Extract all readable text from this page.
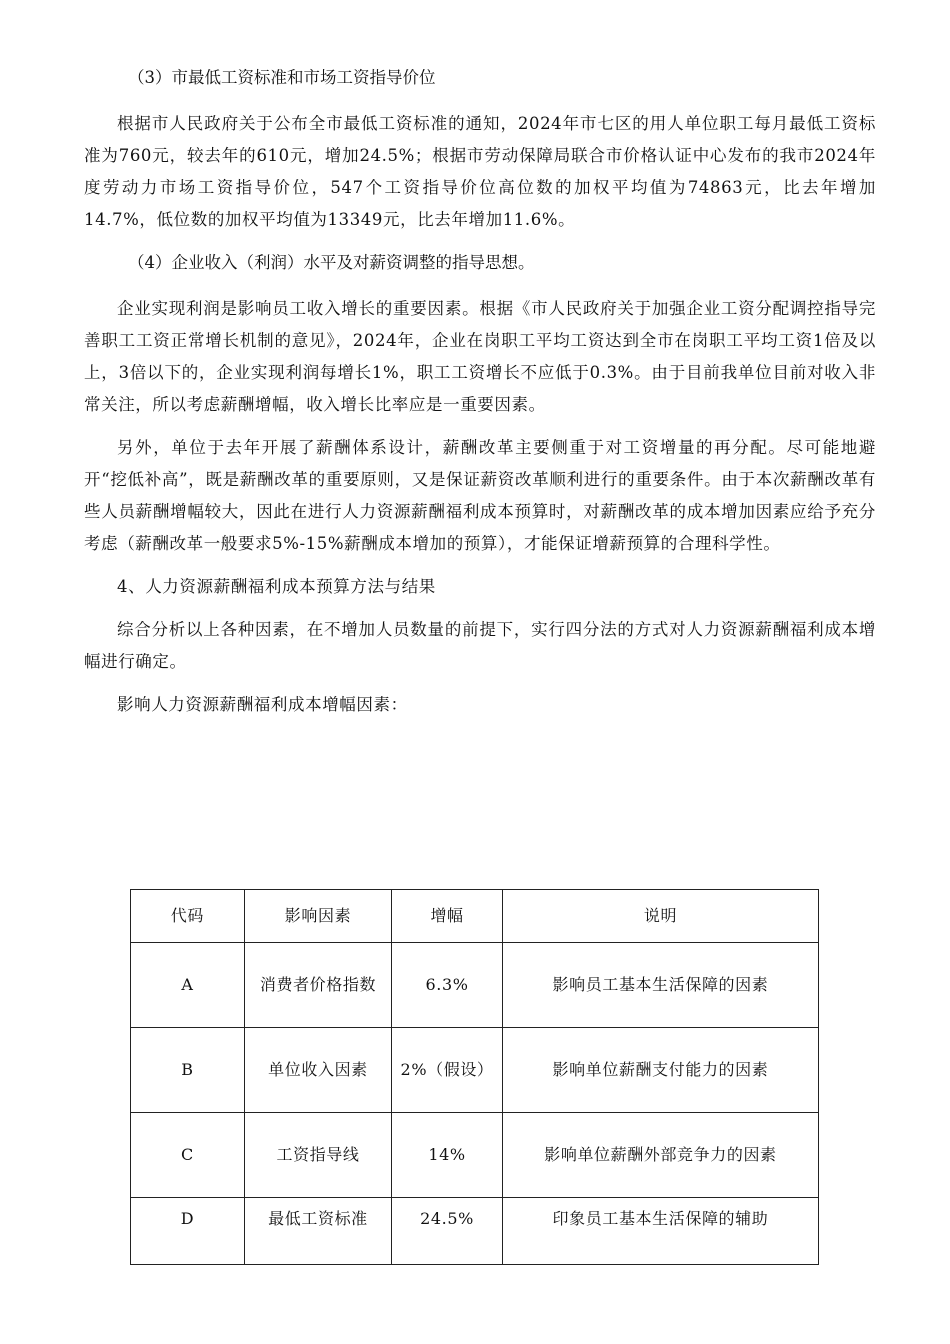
（3）市最低工资标准和市场工资指导价位

根据市人民政府关于公布全市最低工资标准的通知，2024年市七区的用人单位职工每月最低工资标准为760元，较去年的610元，增加24.5%；根据市劳动保障局联合市价格认证中心发布的我市2024年度劳动力市场工资指导价位，547个工资指导价位高位数的加权平均值为74863元，比去年增加14.7%，低位数的加权平均值为13349元，比去年增加11.6%。

（4）企业收入（利润）水平及对薪资调整的指导思想。

企业实现利润是影响员工收入增长的重要因素。根据《市人民政府关于加强企业工资分配调控指导完善职工工资正常增长机制的意见》，2024年，企业在岗职工平均工资达到全市在岗职工平均工资1倍及以上，3倍以下的，企业实现利润每增长1%，职工工资增长不应低于0.3%。由于目前我单位目前对收入非常关注，所以考虑薪酬增幅，收入增长比率应是一重要因素。

另外，单位于去年开展了薪酬体系设计，薪酬改革主要侧重于对工资增量的再分配。尽可能地避开“挖低补高”，既是薪酬改革的重要原则，又是保证薪资改革顺利进行的重要条件。由于本次薪酬改革有些人员薪酬增幅较大，因此在进行人力资源薪酬福利成本预算时，对薪酬改革的成本增加因素应给予充分考虑（薪酬改革一般要求5%-15%薪酬成本增加的预算），才能保证增薪预算的合理科学性。

4、人力资源薪酬福利成本预算方法与结果

综合分析以上各种因素，在不增加人员数量的前提下，实行四分法的方式对人力资源薪酬福利成本增幅进行确定。

影响人力资源薪酬福利成本增幅因素：

代码	影响因素	增幅	说明
A	消费者价格指数	6.3%	影响员工基本生活保障的因素
B	单位收入因素	2%（假设）	影响单位薪酬支付能力的因素
C	工资指导线	14%	影响单位薪酬外部竞争力的因素
D	最低工资标准	24.5%	印象员工基本生活保障的辅助
